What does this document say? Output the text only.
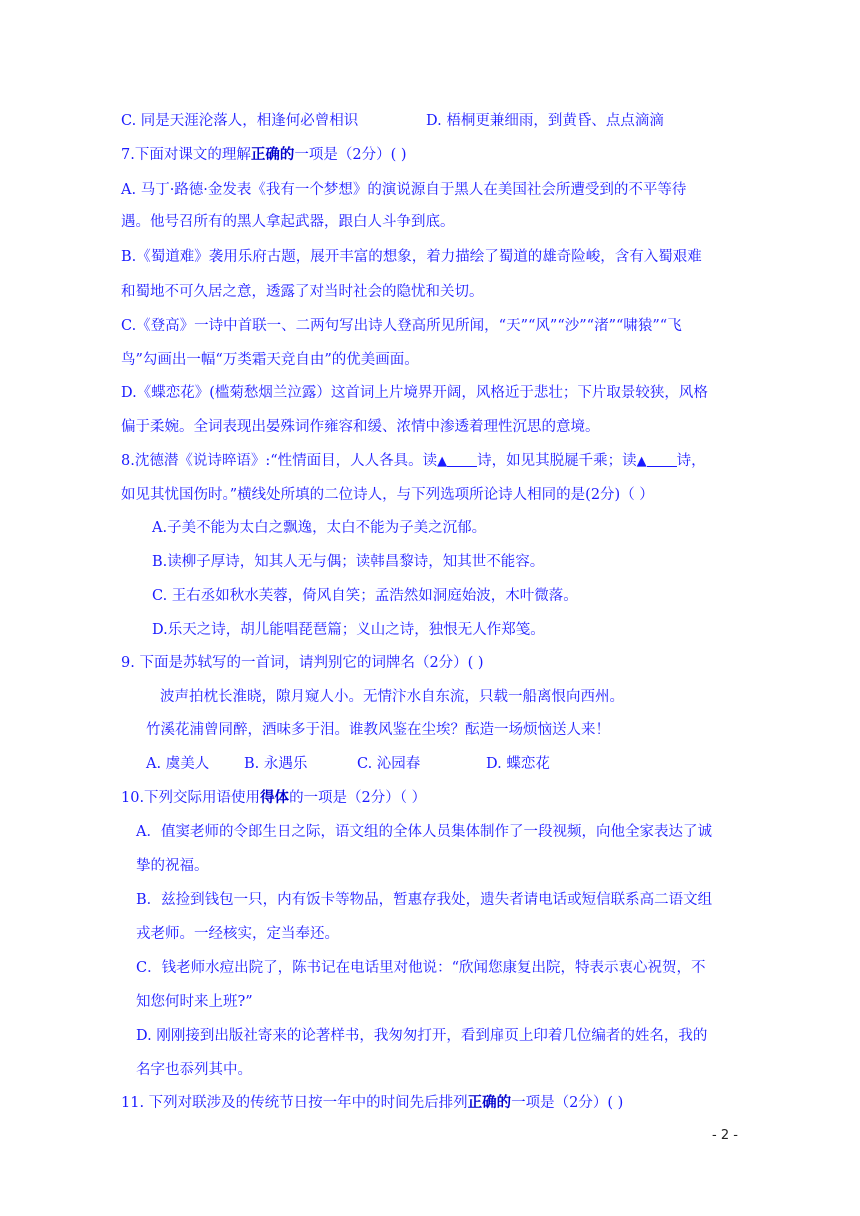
C. 同是天涯沦落人，相逢何必曾相识	D. 梧桐更兼细雨，到黄昏、点点滴滴
7.下面对课文的理解正确的一项是（2分）( )
A. 马丁·路德·金发表《我有一个梦想》的演说源自于黑人在美国社会所遭受到的不平等待
遇。他号召所有的黑人拿起武器，跟白人斗争到底。
B.《蜀道难》袭用乐府古题，展开丰富的想象，着力描绘了蜀道的雄奇险峻，含有入蜀艰难
和蜀地不可久居之意，透露了对当时社会的隐忧和关切。
C.《登高》一诗中首联一、二两句写出诗人登高所见所闻，“天”“风”“沙”“渚”“啸猿”“飞
鸟”勾画出一幅“万类霜天竞自由”的优美画面。
D.《蝶恋花》(槛菊愁烟兰泣露）这首词上片境界开阔，风格近于悲壮；下片取景较狭，风格
偏于柔婉。全词表现出晏殊词作雍容和缓、浓情中渗透着理性沉思的意境。
8.沈德潜《说诗晬语》:“性情面目，人人各具。读▲ 诗，如见其脱屣千乘；读▲ 诗，
如见其忧国伤时。”横线处所填的二位诗人，与下列选项所论诗人相同的是(2分)（ ）
A.子美不能为太白之飘逸，太白不能为子美之沉郁。
B.读柳子厚诗，知其人无与偶；读韩昌黎诗，知其世不能容。
C. 王右丞如秋水芙蓉，倚风自笑；孟浩然如洞庭始波，木叶微落。
D.乐天之诗，胡儿能唱琵琶篇；义山之诗，独恨无人作郑笺。
9. 下面是苏轼写的一首词，请判别它的词牌名（2分）( )
波声拍枕长淮晓，隙月窥人小。无情汴水自东流，只载一船离恨向西州。
竹溪花浦曾同醉，酒味多于泪。谁教风鉴在尘埃？酝造一场烦恼送人来！
A. 虞美人 B. 永遇乐	C. 沁园春	D. 蝶恋花
10.下列交际用语使用得体的一项是（2分）（ ）
A．值窦老师的令郎生日之际，语文组的全体人员集体制作了一段视频，向他全家表达了诚
挚的祝福。
B．兹捡到钱包一只，内有饭卡等物品，暂惠存我处，遗失者请电话或短信联系高二语文组
戎老师。一经核实，定当奉还。
C．钱老师水痘出院了，陈书记在电话里对他说：“欣闻您康复出院，特表示衷心祝贺，不
知您何时来上班?”
D. 刚刚接到出版社寄来的论著样书，我匆匆打开，看到扉页上印着几位编者的姓名，我的
名字也忝列其中。
11. 下列对联涉及的传统节日按一年中的时间先后排列正确的一项是（2分）( )
- 2 -
